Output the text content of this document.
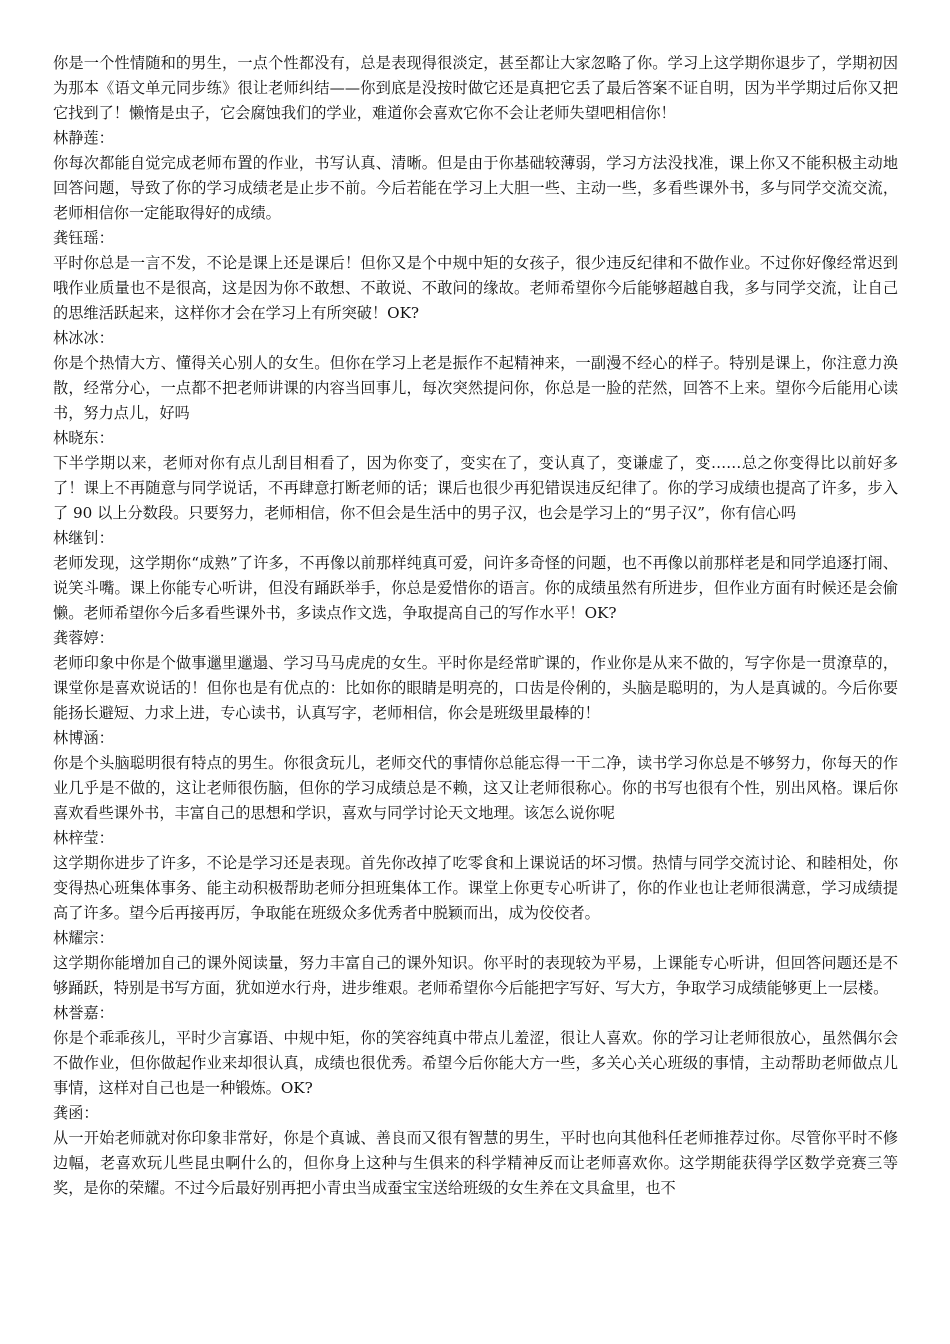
你是一个性情随和的男生，一点个性都没有，总是表现得很淡定，甚至都让大家忽略了你。学习上这学期你退步了，学期初因为那本《语文单元同步练》很让老师纠结——你到底是没按时做它还是真把它丢了最后答案不证自明，因为半学期过后你又把它找到了！懒惰是虫子，它会腐蚀我们的学业，难道你会喜欢它你不会让老师失望吧相信你！

林静莲：

你每次都能自觉完成老师布置的作业，书写认真、清晰。但是由于你基础较薄弱，学习方法没找准，课上你又不能积极主动地回答问题，导致了你的学习成绩老是止步不前。今后若能在学习上大胆一些、主动一些，多看些课外书，多与同学交流交流，老师相信你一定能取得好的成绩。

龚钰瑶：

平时你总是一言不发，不论是课上还是课后！但你又是个中规中矩的女孩子，很少违反纪律和不做作业。不过你好像经常迟到哦作业质量也不是很高，这是因为你不敢想、不敢说、不敢问的缘故。老师希望你今后能够超越自我，多与同学交流，让自己的思维活跃起来，这样你才会在学习上有所突破！OK?

林冰冰：

你是个热情大方、懂得关心别人的女生。但你在学习上老是振作不起精神来，一副漫不经心的样子。特别是课上，你注意力涣散，经常分心，一点都不把老师讲课的内容当回事儿，每次突然提问你，你总是一脸的茫然，回答不上来。望你今后能用心读书，努力点儿，好吗

林晓东：

下半学期以来，老师对你有点儿刮目相看了，因为你变了，变实在了，变认真了，变谦虚了，变……总之你变得比以前好多了！课上不再随意与同学说话，不再肆意打断老师的话；课后也很少再犯错误违反纪律了。你的学习成绩也提高了许多，步入了 90 以上分数段。只要努力，老师相信，你不但会是生活中的男子汉，也会是学习上的“男子汉”，你有信心吗

林继钊：

老师发现，这学期你“成熟”了许多，不再像以前那样纯真可爱，问许多奇怪的问题，也不再像以前那样老是和同学追逐打闹、说笑斗嘴。课上你能专心听讲，但没有踊跃举手，你总是爱惜你的语言。你的成绩虽然有所进步，但作业方面有时候还是会偷懒。老师希望你今后多看些课外书，多读点作文选，争取提高自己的写作水平！OK?

龚蓉婷：

老师印象中你是个做事邋里邋遢、学习马马虎虎的女生。平时你是经常旷课的，作业你是从来不做的，写字你是一贯潦草的，课堂你是喜欢说话的！但你也是有优点的：比如你的眼睛是明亮的，口齿是伶俐的，头脑是聪明的，为人是真诚的。今后你要能扬长避短、力求上进，专心读书，认真写字，老师相信，你会是班级里最棒的！

林博涵：

你是个头脑聪明很有特点的男生。你很贪玩儿，老师交代的事情你总能忘得一干二净，读书学习你总是不够努力，你每天的作业几乎是不做的，这让老师很伤脑，但你的学习成绩总是不赖，这又让老师很称心。你的书写也很有个性，别出风格。课后你喜欢看些课外书，丰富自己的思想和学识，喜欢与同学讨论天文地理。该怎么说你呢

林梓莹：

这学期你进步了许多，不论是学习还是表现。首先你改掉了吃零食和上课说话的坏习惯。热情与同学交流讨论、和睦相处，你变得热心班集体事务、能主动积极帮助老师分担班集体工作。课堂上你更专心听讲了，你的作业也让老师很满意，学习成绩提高了许多。望今后再接再厉，争取能在班级众多优秀者中脱颖而出，成为佼佼者。

林耀宗：

这学期你能增加自己的课外阅读量，努力丰富自己的课外知识。你平时的表现较为平易，上课能专心听讲，但回答问题还是不够踊跃，特别是书写方面，犹如逆水行舟，进步维艰。老师希望你今后能把字写好、写大方，争取学习成绩能够更上一层楼。

林誉嘉：

你是个乖乖孩儿，平时少言寡语、中规中矩，你的笑容纯真中带点儿羞涩，很让人喜欢。你的学习让老师很放心，虽然偶尔会不做作业，但你做起作业来却很认真，成绩也很优秀。希望今后你能大方一些，多关心关心班级的事情，主动帮助老师做点儿事情，这样对自己也是一种锻炼。OK?

龚函：

从一开始老师就对你印象非常好，你是个真诚、善良而又很有智慧的男生，平时也向其他科任老师推荐过你。尽管你平时不修边幅，老喜欢玩儿些昆虫啊什么的，但你身上这种与生俱来的科学精神反而让老师喜欢你。这学期能获得学区数学竞赛三等奖，是你的荣耀。不过今后最好别再把小青虫当成蚕宝宝送给班级的女生养在文具盒里，也不
